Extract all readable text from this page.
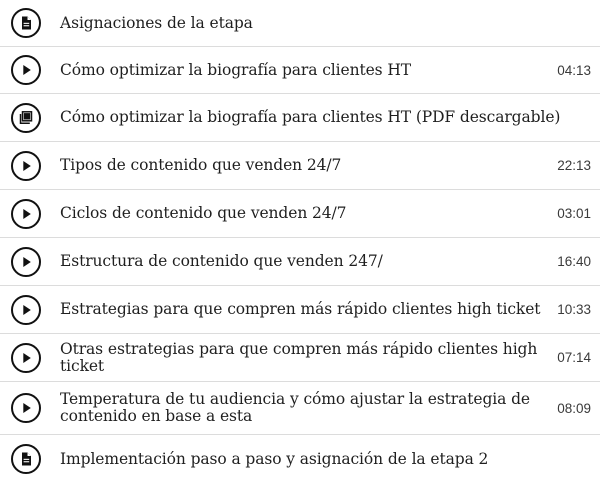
Asignaciones de la etapa
Cómo optimizar la biografía para clientes HT	04:13
Cómo optimizar la biografía para clientes HT (PDF descargable)
Tipos de contenido que venden 24/7	22:13
Ciclos de contenido que venden 24/7	03:01
Estructura de contenido que venden 247/	16:40
Estrategias para que compren más rápido clientes high ticket	10:33
Otras estrategias para que compren más rápido clientes high ticket	07:14
Temperatura de tu audiencia y cómo ajustar la estrategia de contenido en base a esta	08:09
Implementación paso a paso y asignación de la etapa 2
